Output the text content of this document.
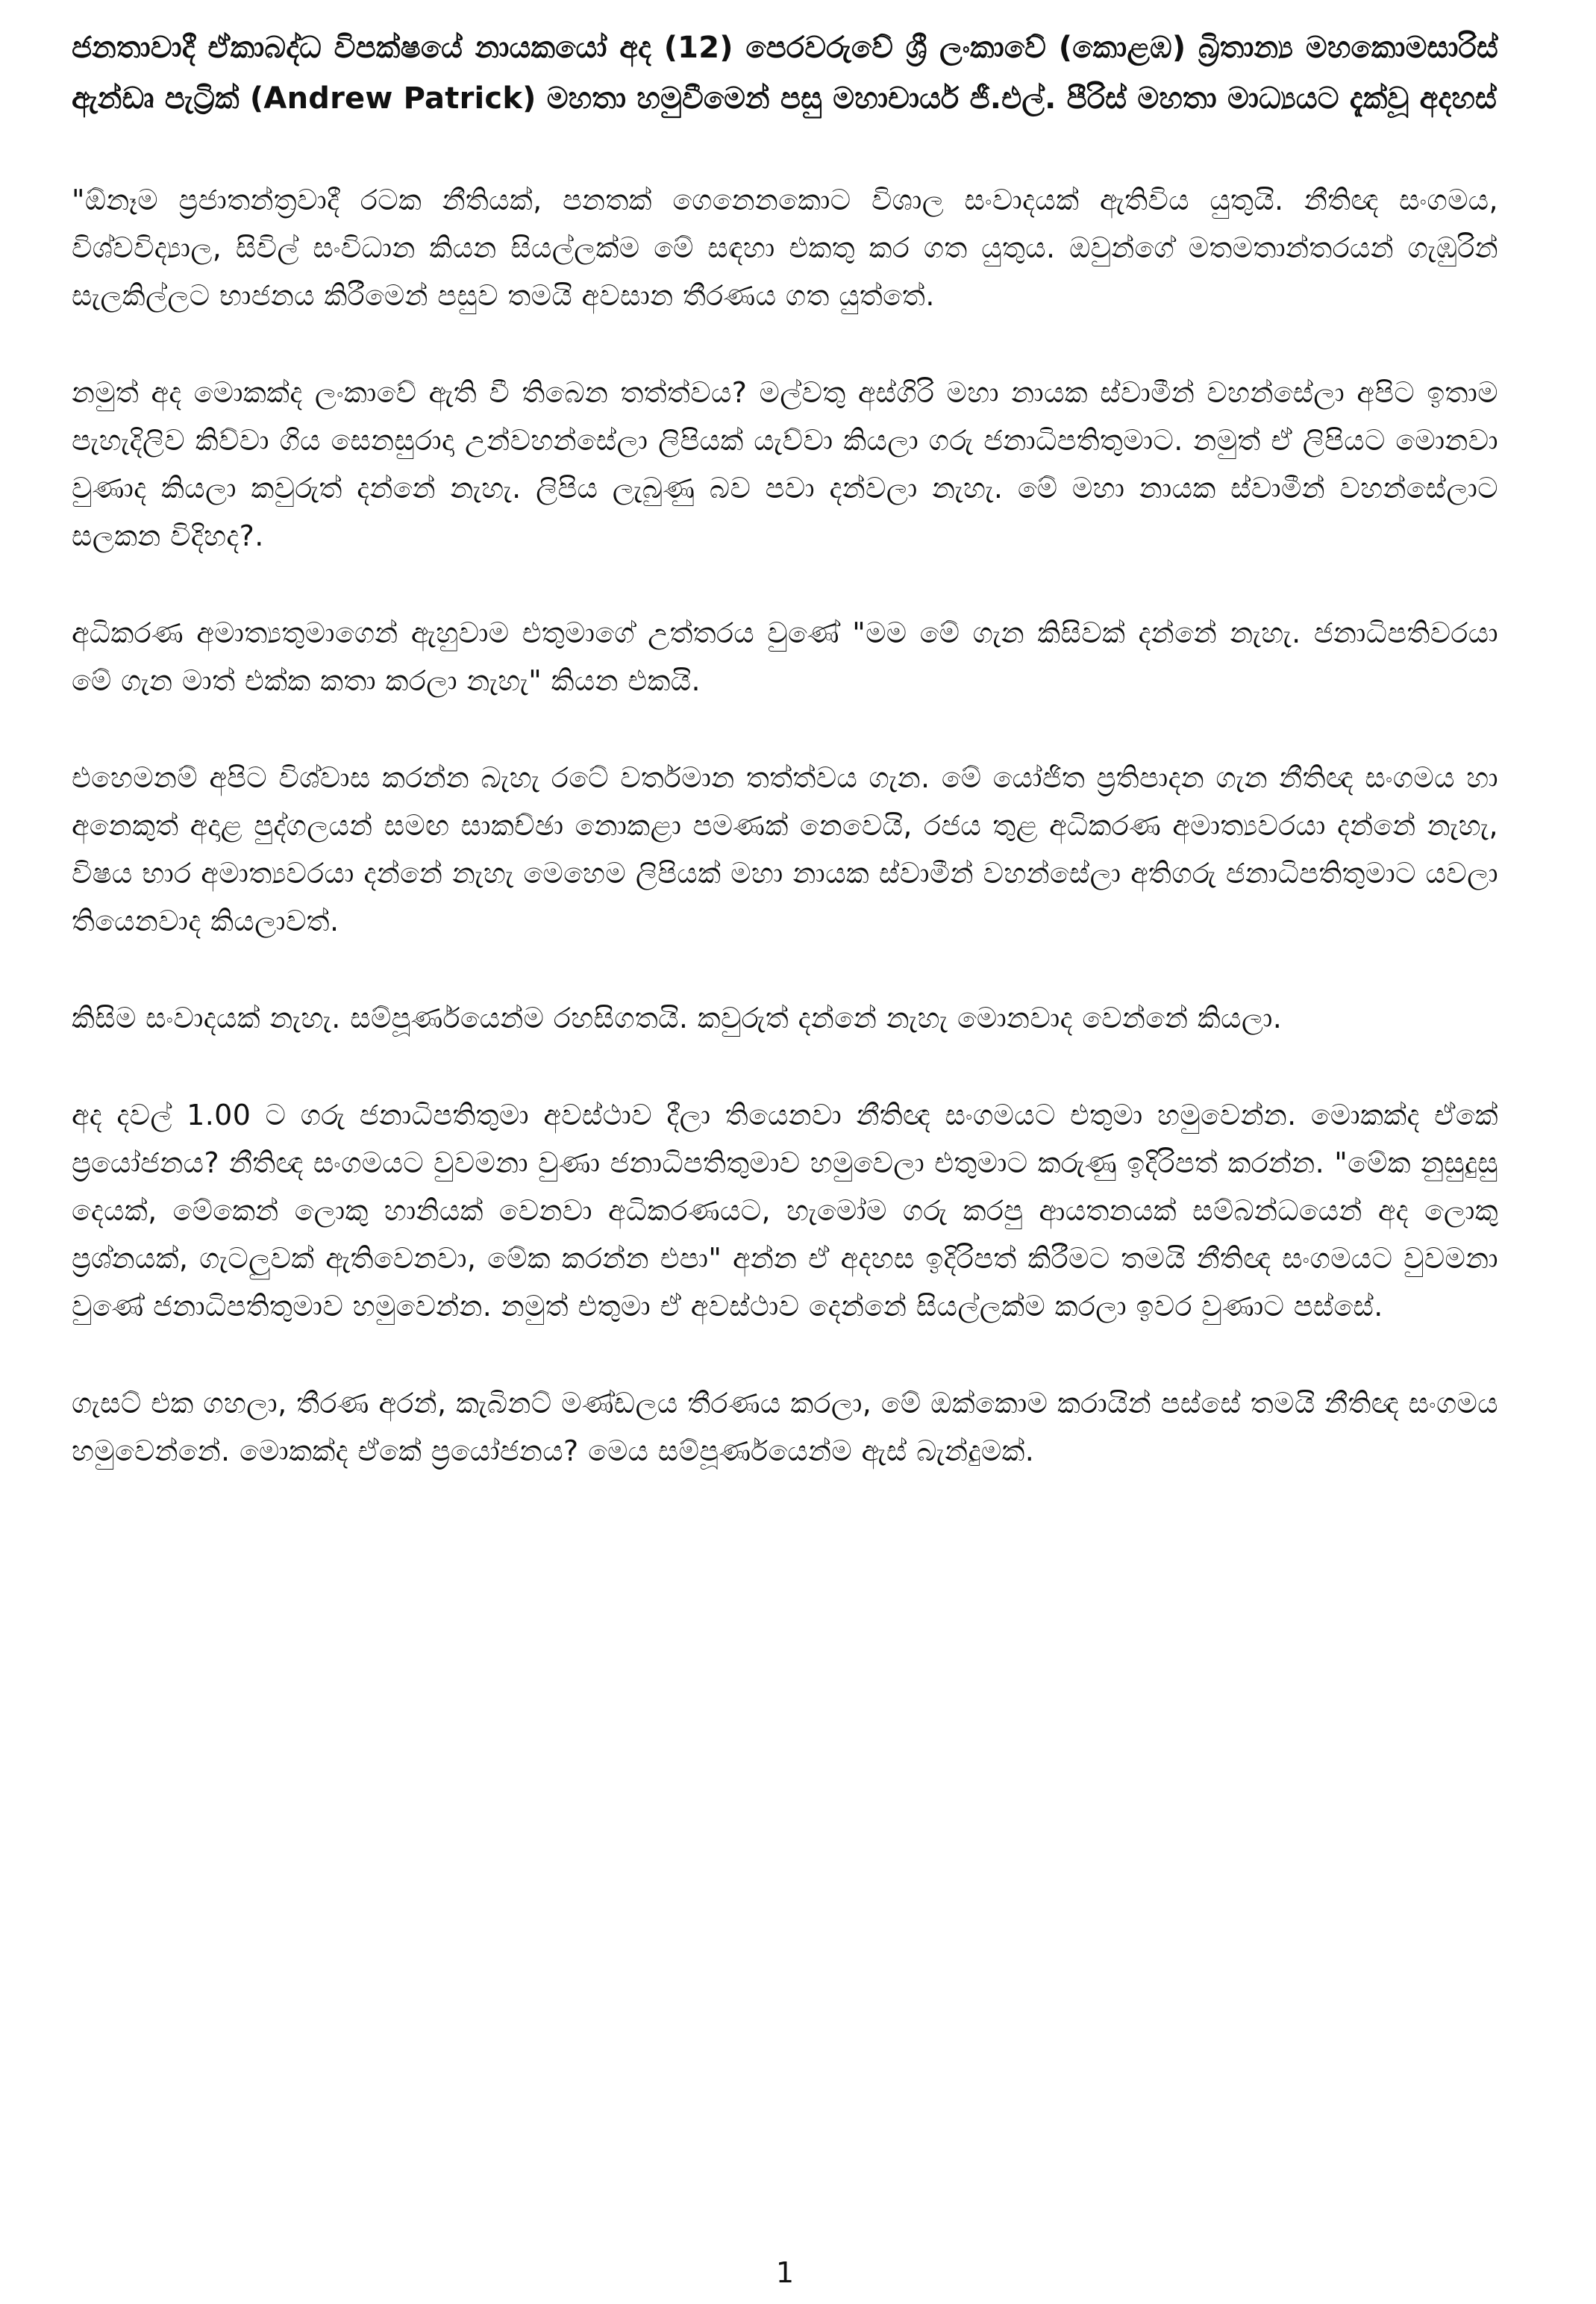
ජනතාවාදී ඒකාබද්ධ විපක්ෂයේ නායකයෝ අද (12) පෙරවරුවේ ශ්‍රී ලංකාවේ (කොළඹ) බ්‍රිතාන්‍ය මහකොමසාරිස් ඇන්ඩෘ පැට්‍රික් (Andrew Patrick) මහතා හමුවීමෙන් පසු මහාචාර්ය ජී.එල්. පීරිස් මහතා මාධ්‍යයට දැක්වූ අදහස්

"ඕනෑම ප්‍රජාතන්ත්‍රවාදී රටක නීතියක්, පනතක් ගෙනෙනකොට විශාල සංවාදයක් ඇතිවිය යුතුයි. නීතිඥ සංගමය, විශ්වවිද්‍යාල, සිවිල් සංවිධාන කියන සියල්ලක්ම මේ සඳහා එකතු කර ගත යුතුය. ඔවුන්ගේ මතමතාන්තරයන් ගැඹුරින් සැලකිල්ලට භාජනය කිරීමෙන් පසුව තමයි අවසාන තීරණය ගත යුත්තේ.

නමුත් අද මොකක්ද ලංකාවේ ඇති වී තිබෙන තත්ත්වය? මල්වතු අස්ගිරි මහා නායක ස්වාමීන් වහන්සේලා අපිට ඉතාම පැහැදිලිව කිව්වා ගිය සෙනසුරාදා උන්වහන්සේලා ලිපියක් යැව්වා කියලා ගරු ජනාධිපතිතුමාට. නමුත් ඒ ලිපියට මොනවා වුණාද කියලා කවුරුත් දන්නේ නැහැ. ලිපිය ලැබුණු බව පවා දන්වලා නැහැ. මේ මහා නායක ස්වාමීන් වහන්සේලාට සලකන විදිහද?.

අධිකරණ අමාත්‍යතුමාගෙන් ඇහුවාම එතුමාගේ උත්තරය වුණේ "මම මේ ගැන කිසිවක් දන්නේ නැහැ. ජනාධිපතිවරයා මේ ගැන මාත් එක්ක කතා කරලා නැහැ" කියන එකයි.

එහෙමනම් අපිට විශ්වාස කරන්න බැහැ රටේ වර්තමාන තත්ත්වය ගැන. මේ යෝජිත ප්‍රතිපාදන ගැන නීතිඥ සංගමය හා අනෙකුත් අදාළ පුද්ගලයන් සමඟ සාකච්ඡා නොකළා පමණක් නෙවෙයි, රජය තුළ අධිකරණ අමාත්‍යවරයා දන්නේ නැහැ, විෂය භාර අමාත්‍යවරයා දන්නේ නැහැ මෙහෙම ලිපියක් මහා නායක ස්වාමීන් වහන්සේලා අතිගරු ජනාධිපතිතුමාට යවලා තියෙනවාද කියලාවත්.

කිසිම සංවාදයක් නැහැ. සම්පූර්ණයෙන්ම රහසිගතයි. කවුරුත් දන්නේ නැහැ මොනවාද වෙන්නේ කියලා.

අද දවල් 1.00 ට ගරු ජනාධිපතිතුමා අවස්ථාව දීලා තියෙනවා නීතිඥ සංගමයට එතුමා හමුවෙන්න. මොකක්ද ඒකේ ප්‍රයෝජනය? නීතිඥ සංගමයට වුවමනා වුණා ජනාධිපතිතුමාව හමුවෙලා එතුමාට කරුණු ඉදිරිපත් කරන්න. "මේක නුසුදුසු දෙයක්, මේකෙන් ලොකු හානියක් වෙනවා අධිකරණයට, හැමෝම ගරු කරපු ආයතනයක් සම්බන්ධයෙන් අද ලොකු ප්‍රශ්නයක්, ගැටලුවක් ඇතිවෙනවා, මේක කරන්න එපා" අන්න ඒ අදහස ඉදිරිපත් කිරීමට තමයි නීතිඥ සංගමයට වුවමනා වුණේ ජනාධිපතිතුමාව හමුවෙන්න. නමුත් එතුමා ඒ අවස්ථාව දෙන්නේ සියල්ලක්ම කරලා ඉවර වුණාට පස්සේ.

ගැසට් එක ගහලා, තීරණ අරන්, කැබිනට් මණ්ඩලය තීරණය කරලා, මේ ඔක්කොම කරායින් පස්සේ තමයි නීතිඥ සංගමය හමුවෙන්නේ. මොකක්ද ඒකේ ප්‍රයෝජනය? මෙය සම්පූර්ණයෙන්ම ඇස් බැන්දුමක්.

1
